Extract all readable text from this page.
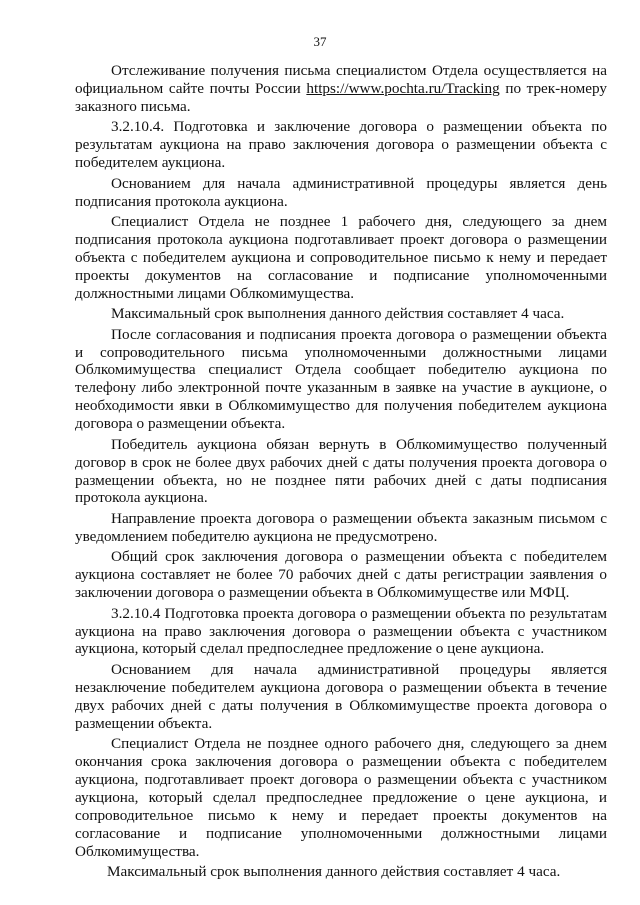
37

Отслеживание получения письма специалистом Отдела осуществляется на официальном сайте почты России https://www.pochta.ru/Tracking по трек-номеру заказного письма.

3.2.10.4. Подготовка и заключение договора о размещении объекта по результатам аукциона на право заключения договора о размещении объекта с победителем аукциона.

Основанием для начала административной процедуры является день подписания протокола аукциона.

Специалист Отдела не позднее 1 рабочего дня, следующего за днем подписания протокола аукциона подготавливает проект договора о размещении объекта с победителем аукциона и сопроводительное письмо к нему и передает проекты документов на согласование и подписание уполномоченными должностными лицами Облкомимущества.

Максимальный срок выполнения данного действия составляет 4 часа.

После согласования и подписания проекта договора о размещении объекта и сопроводительного письма уполномоченными должностными лицами Облкомимущества специалист Отдела сообщает победителю аукциона по телефону либо электронной почте указанным в заявке на участие в аукционе, о необходимости явки в Облкомимущество для получения победителем аукциона договора о размещении объекта.

Победитель аукциона обязан вернуть в Облкомимущество полученный договор в срок не более двух рабочих дней с даты получения проекта договора о размещении объекта, но не позднее пяти рабочих дней с даты подписания протокола аукциона.

Направление проекта договора о размещении объекта заказным письмом с уведомлением победителю аукциона не предусмотрено.

Общий срок заключения договора о размещении объекта с победителем аукциона составляет не более 70 рабочих дней с даты регистрации заявления о заключении договора о размещении объекта в Облкомимуществе или МФЦ.

3.2.10.4 Подготовка проекта договора о размещении объекта по результатам аукциона на право заключения договора о размещении объекта с участником аукциона, который сделал предпоследнее предложение о цене аукциона.

Основанием для начала административной процедуры является незаключение победителем аукциона договора о размещении объекта в течение двух рабочих дней с даты получения в Облкомимуществе проекта договора о размещении объекта.

Специалист Отдела не позднее одного рабочего дня, следующего за днем окончания срока заключения договора о размещении объекта с победителем аукциона, подготавливает проект договора о размещении объекта с участником аукциона, который сделал предпоследнее предложение о цене аукциона, и сопроводительное письмо к нему и передает проекты документов на согласование и подписание уполномоченными должностными лицами Облкомимущества.

Максимальный срок выполнения данного действия составляет 4 часа.
